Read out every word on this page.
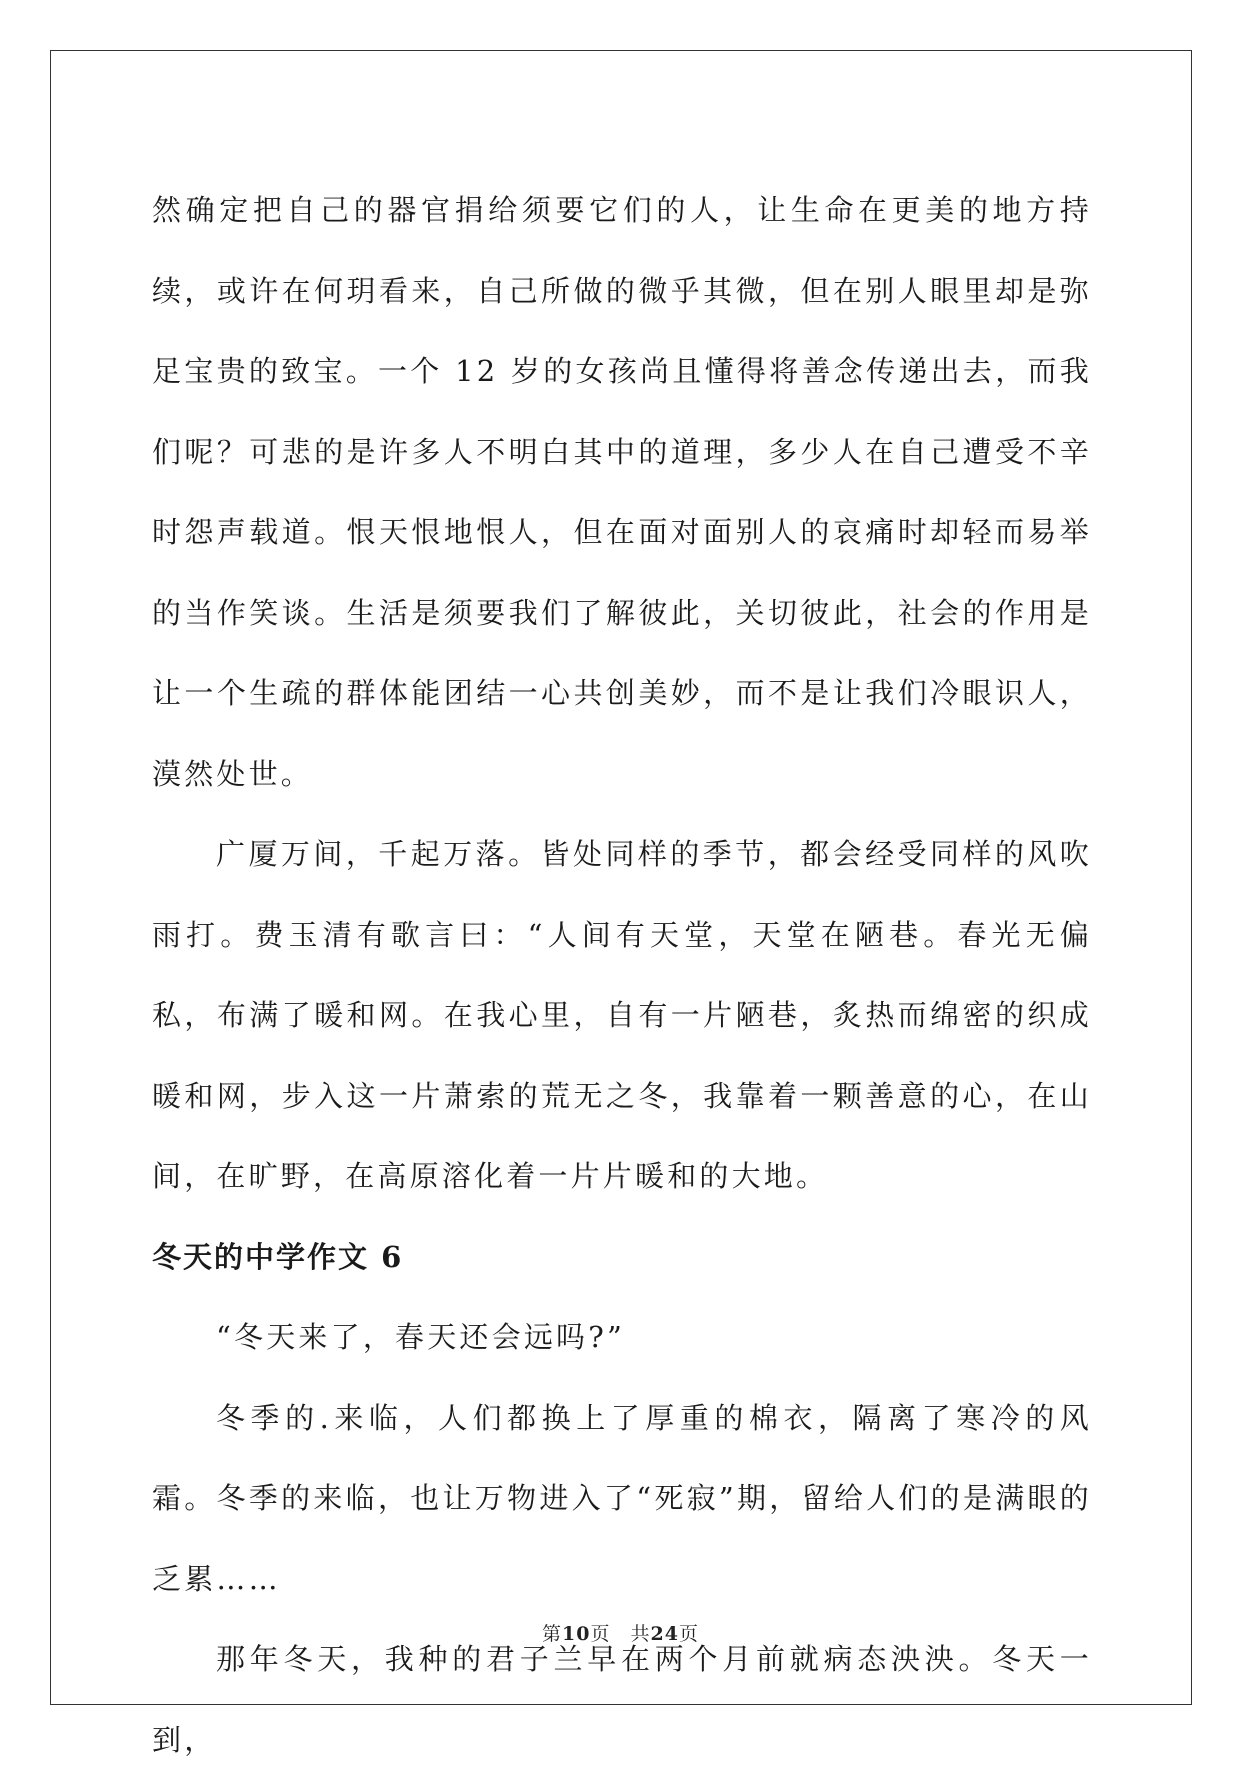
然确定把自己的器官捐给须要它们的人，让生命在更美的地方持续，或许在何玥看来，自己所做的微乎其微，但在别人眼里却是弥足宝贵的致宝。一个 12 岁的女孩尚且懂得将善念传递出去，而我们呢？可悲的是许多人不明白其中的道理，多少人在自己遭受不辛时怨声载道。恨天恨地恨人，但在面对面别人的哀痛时却轻而易举的当作笑谈。生活是须要我们了解彼此，关切彼此，社会的作用是让一个生疏的群体能团结一心共创美妙，而不是让我们冷眼识人，漠然处世。

广厦万间，千起万落。皆处同样的季节，都会经受同样的风吹雨打。费玉清有歌言曰：“人间有天堂，天堂在陋巷。春光无偏私，布满了暖和网。在我心里，自有一片陋巷，炙热而绵密的织成暖和网，步入这一片萧索的荒无之冬，我靠着一颗善意的心，在山间，在旷野，在高原溶化着一片片暖和的大地。

冬天的中学作文 6

“冬天来了，春天还会远吗?”

冬季的.来临，人们都换上了厚重的棉衣，隔离了寒冷的风霜。冬季的来临，也让万物进入了“死寂”期，留给人们的是满眼的乏累……

那年冬天，我种的君子兰早在两个月前就病态泱泱。冬天一到，

第10页　共24页
